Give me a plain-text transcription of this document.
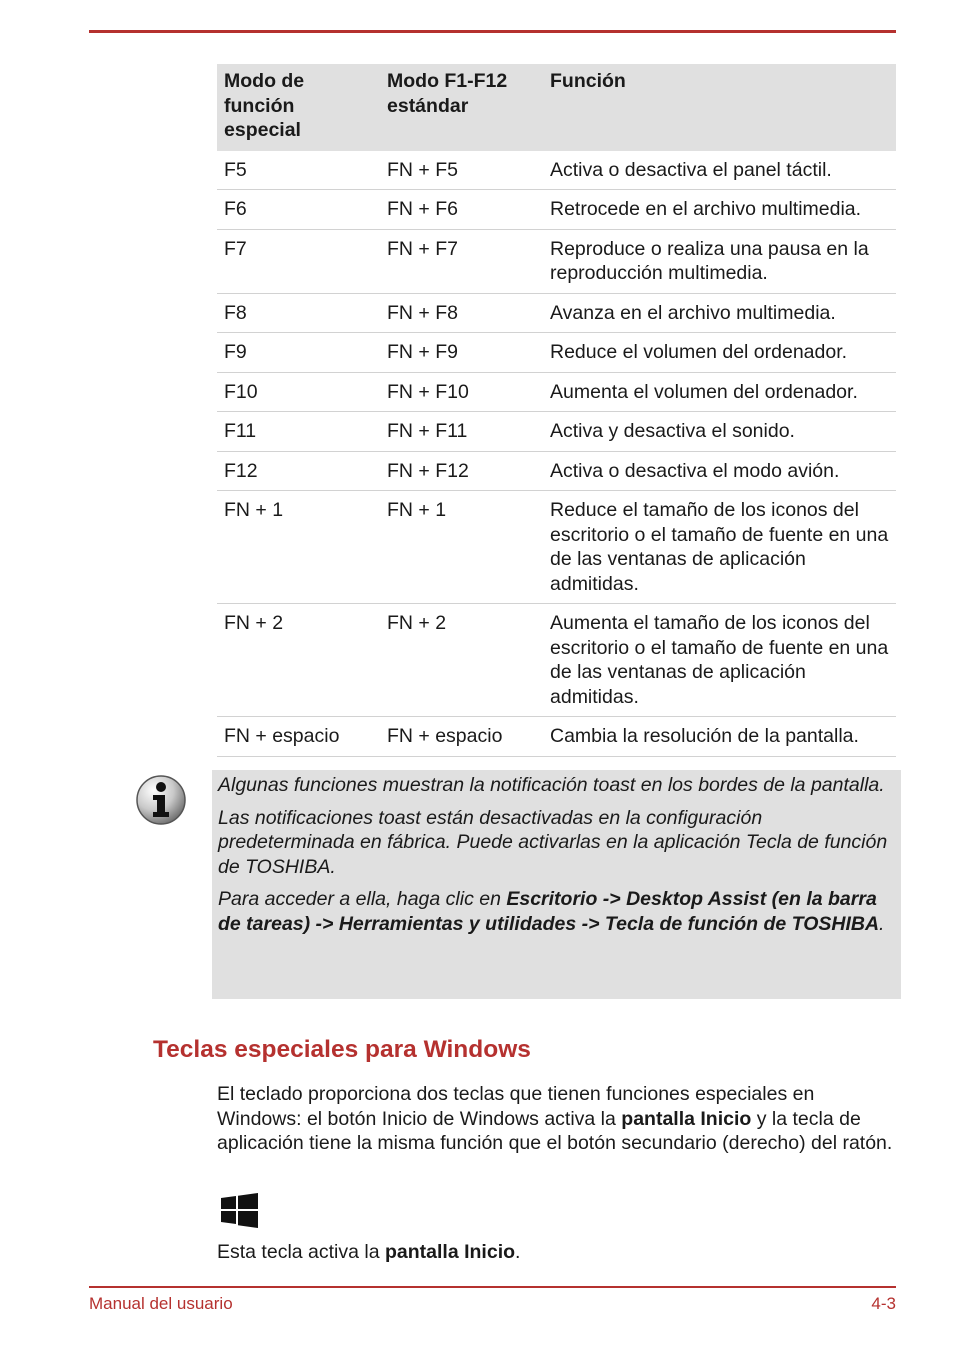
Modo de función especial	Modo F1-F12 estándar	Función
F5	FN + F5	Activa o desactiva el panel táctil.
F6	FN + F6	Retrocede en el archivo multimedia.
F7	FN + F7	Reproduce o realiza una pausa en la reproducción multimedia.
F8	FN + F8	Avanza en el archivo multimedia.
F9	FN + F9	Reduce el volumen del ordenador.
F10	FN + F10	Aumenta el volumen del ordenador.
F11	FN + F11	Activa y desactiva el sonido.
F12	FN + F12	Activa o desactiva el modo avión.
FN + 1	FN + 1	Reduce el tamaño de los iconos del escritorio o el tamaño de fuente en una de las ventanas de aplicación admitidas.
FN + 2	FN + 2	Aumenta el tamaño de los iconos del escritorio o el tamaño de fuente en una de las ventanas de aplicación admitidas.
FN + espacio	FN + espacio	Cambia la resolución de la pantalla.

Algunas funciones muestran la notificación toast en los bordes de la pantalla.

Las notificaciones toast están desactivadas en la configuración predeterminada en fábrica. Puede activarlas en la aplicación Tecla de función de TOSHIBA.

Para acceder a ella, haga clic en Escritorio -> Desktop Assist (en la barra de tareas) -> Herramientas y utilidades -> Tecla de función de TOSHIBA.

Teclas especiales para Windows

El teclado proporciona dos teclas que tienen funciones especiales en Windows: el botón Inicio de Windows activa la pantalla Inicio y la tecla de aplicación tiene la misma función que el botón secundario (derecho) del ratón.

Esta tecla activa la pantalla Inicio.

Manual del usuario	4-3
